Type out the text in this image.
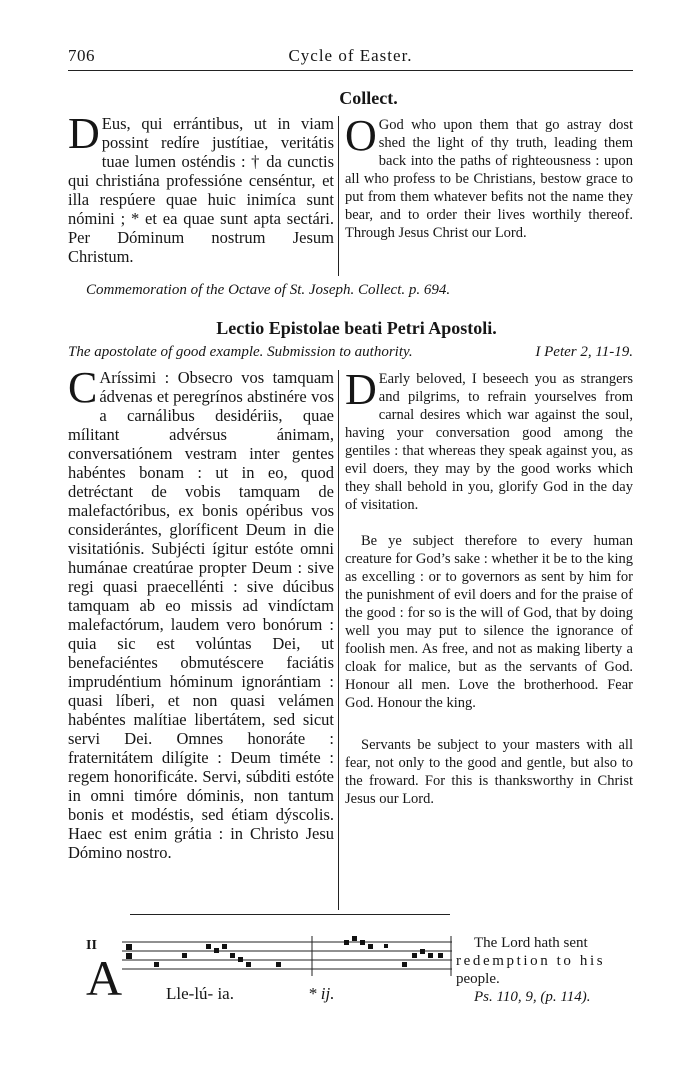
706	Cycle of Easter.
Collect.

D Eus, qui errántibus, ut in viam possint redíre justítiae, veritátis tuae lumen osténdis : † da cunctis qui christiána professióne censéntur, et illa respúere quae huic inimíca sunt nómini ; * et ea quae sunt apta sectári. Per Dóminum nostrum Jesum Christum.

O God who upon them that go astray dost shed the light of thy truth, leading them back into the paths of righteousness : upon all who profess to be Christians, bestow grace to put from them whatever befits not the name they bear, and to order their lives worthily thereof. Through Jesus Christ our Lord.

Commemoration of the Octave of St. Joseph. Collect. p. 694.
Lectio Epistolae beati Petri Apostoli.
The apostolate of good example. Submission to authority.	I Peter 2, 11-19.

C Aríssimi : Obsecro vos tamquam ádvenas et peregrínos abstinére vos a carnálibus desidériis, quae mílitant advérsus ánimam, conversatiónem vestram inter gentes habéntes bonam : ut in eo, quod detréctant de vobis tamquam de malefactóribus, ex bonis opéribus vos considerántes, gloríficent Deum in die visitatiónis. Subjécti ígitur estóte omni humánae creatúrae propter Deum : sive regi quasi praecellénti : sive dúcibus tamquam ab eo missis ad vindíctam malefactórum, laudem vero bonórum : quia sic est volúntas Dei, ut benefaciéntes obmutéscere faciátis imprudéntium hóminum ignorántiam : quasi líberi, et non quasi velámen habéntes malítiae libertátem, sed sicut servi Dei. Omnes honoráte : fraternitátem dilígite : Deum timéte : regem honorificáte. Servi, súbditi estóte in omni timóre dóminis, non tantum bonis et modéstis, sed étiam dýscolis. Haec est enim grátia : in Christo Jesu Dómino nostro.

D Early beloved, I beseech you as strangers and pilgrims, to refrain yourselves from carnal desires which war against the soul, having your conversation good among the gentiles : that whereas they speak against you, as evil doers, they may by the good works which they shall behold in you, glorify God in the day of visitation.

Be ye subject therefore to every human creature for God’s sake : whether it be to the king as excelling : or to governors as sent by him for the punishment of evil doers and for the praise of the good : for so is the will of God, that by doing well you may put to silence the ignorance of foolish men. As free, and not as making liberty a cloak for malice, but as the servants of God. Honour all men. Love the brotherhood. Fear God. Honour the king.

Servants be subject to your masters with all fear, not only to the good and gentle, but also to the froward. For this is thanksworthy in Christ Jesus our Lord.

II
A	Lle-lú- ia.	* ij.
The Lord hath sent
redemption to his
people.
Ps. 110, 9, (p. 114).
